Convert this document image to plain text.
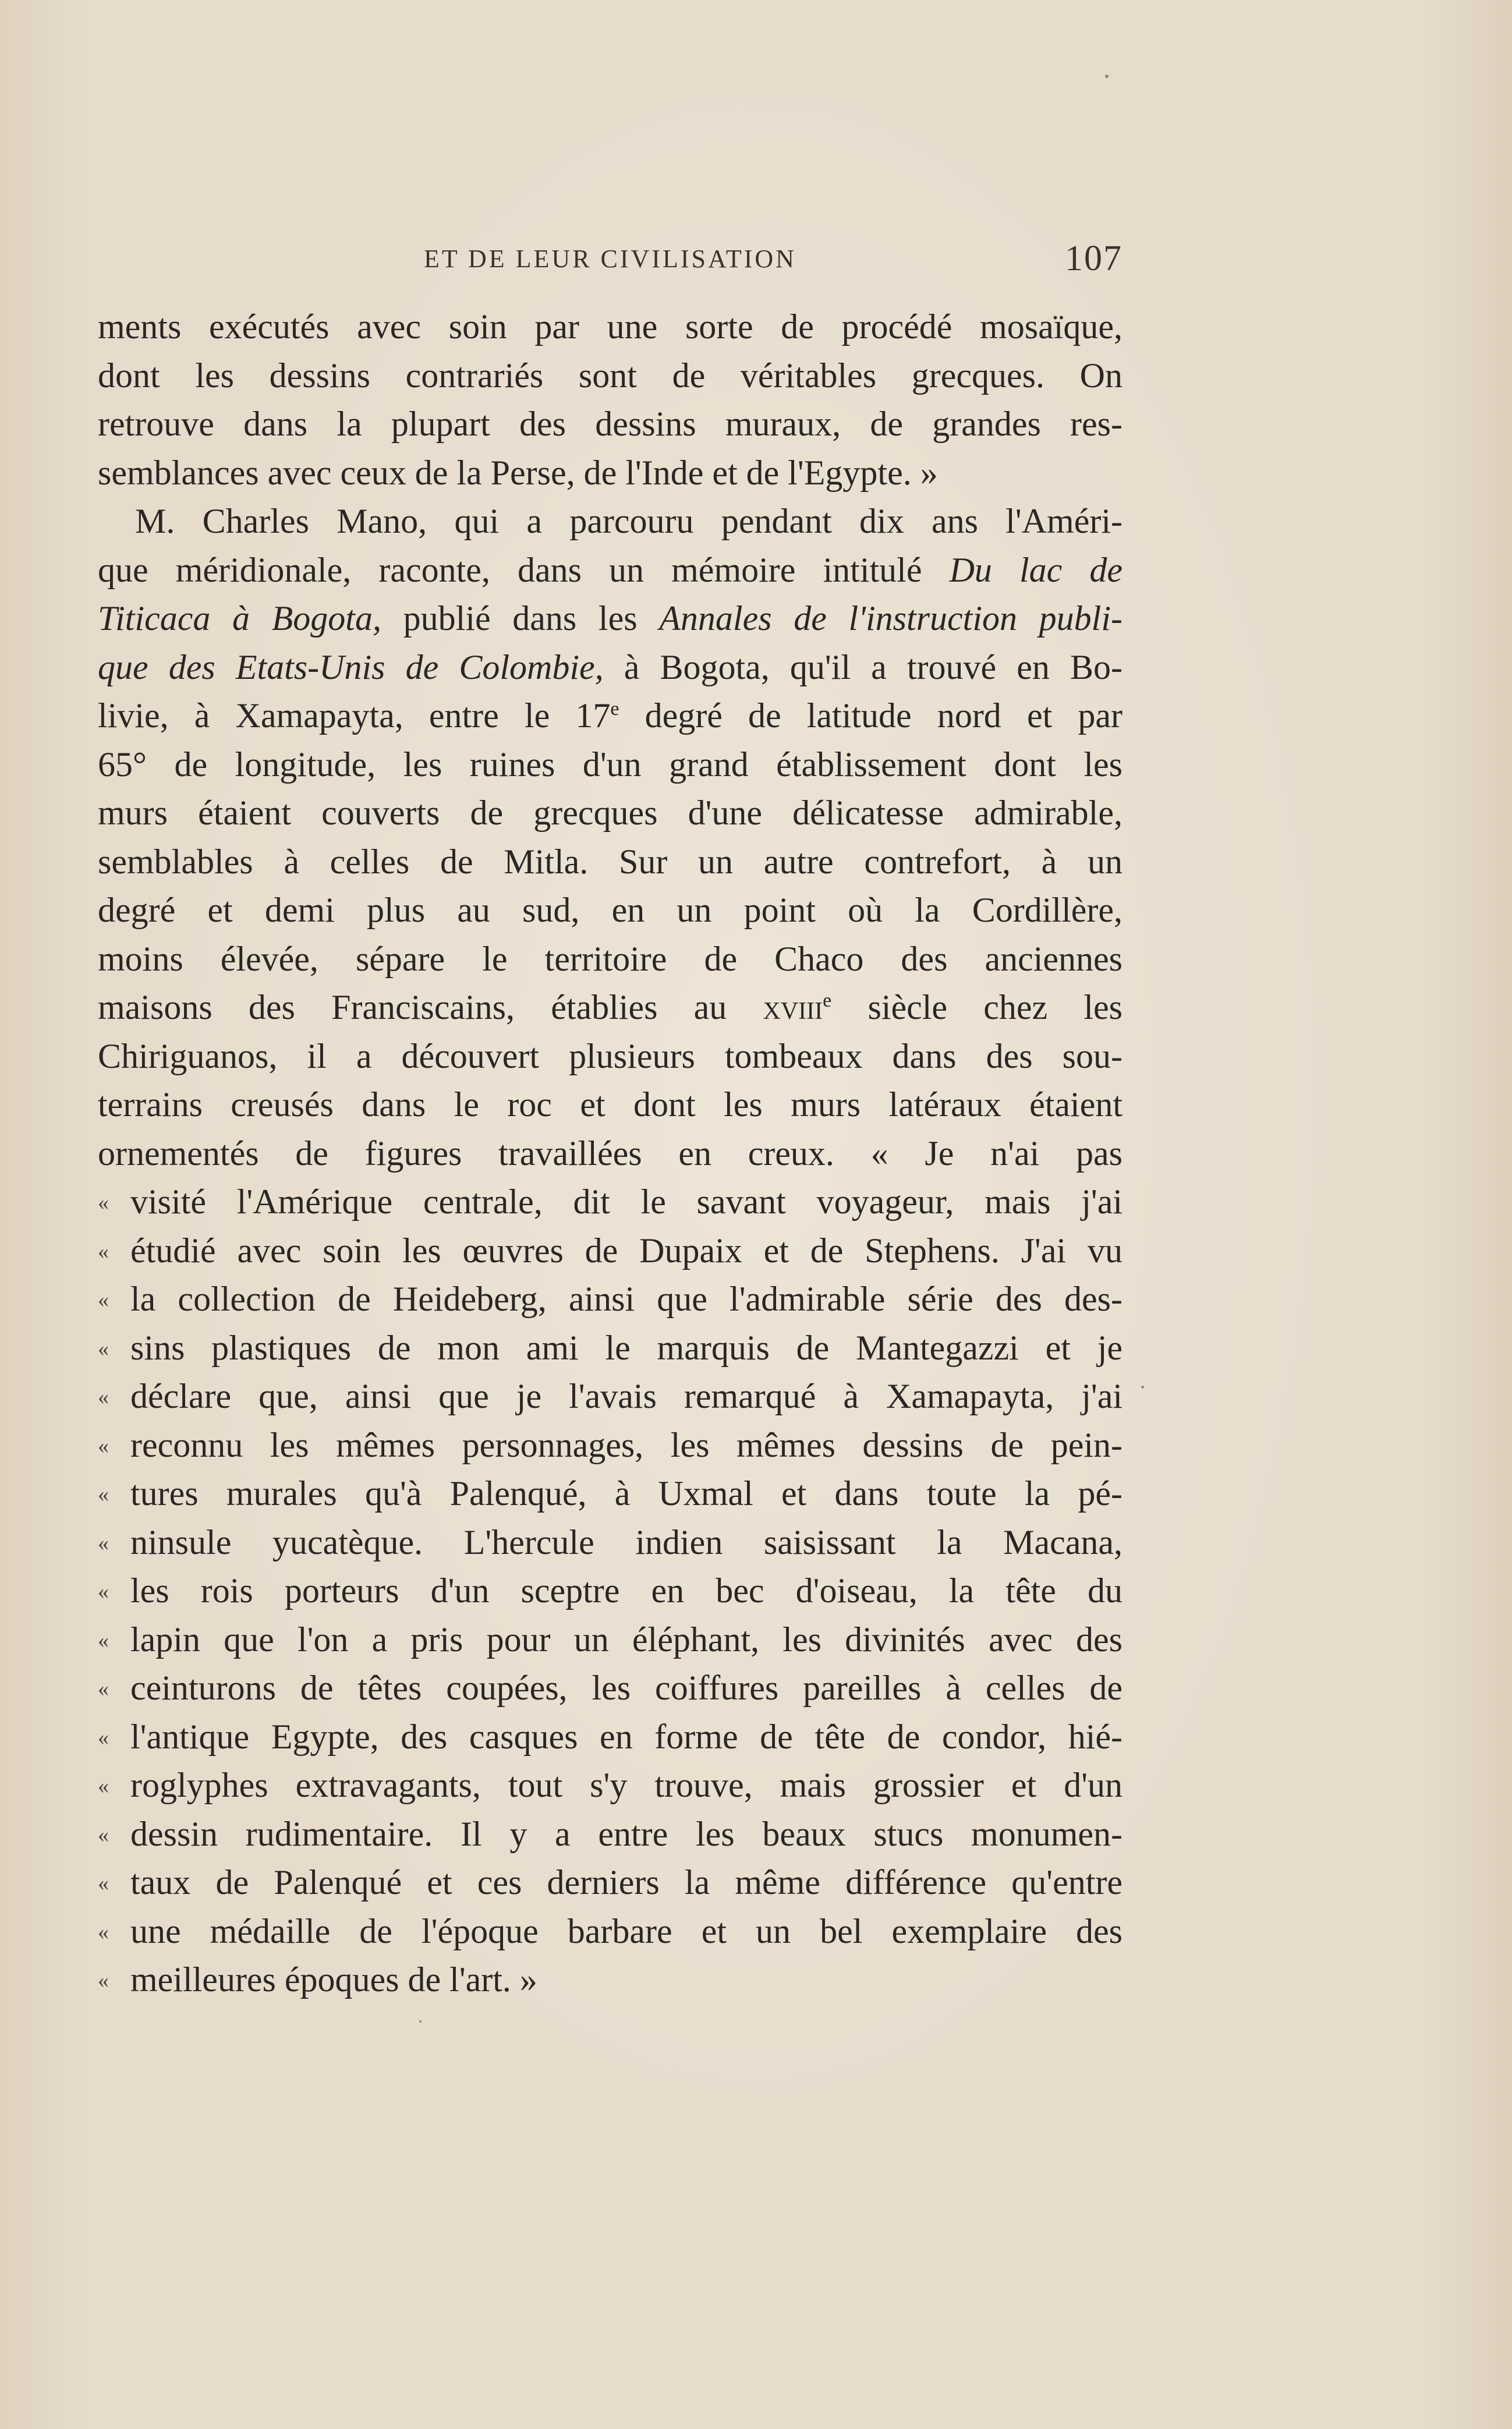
ET DE LEUR CIVILISATION	107
ments exécutés avec soin par une sorte de procédé mosaïque,
dont les dessins contrariés sont de véritables grecques. On
retrouve dans la plupart des dessins muraux, de grandes res-
semblances avec ceux de la Perse, de l'Inde et de l'Egypte. »
M. Charles Mano, qui a parcouru pendant dix ans l'Améri-
que méridionale, raconte, dans un mémoire intitulé Du lac de
Titicaca à Bogota, publié dans les Annales de l'instruction publi-
que des Etats-Unis de Colombie, à Bogota, qu'il a trouvé en Bo-
livie, à Xamapayta, entre le 17e degré de latitude nord et par
65° de longitude, les ruines d'un grand établissement dont les
murs étaient couverts de grecques d'une délicatesse admirable,
semblables à celles de Mitla. Sur un autre contrefort, à un
degré et demi plus au sud, en un point où la Cordillère,
moins élevée, sépare le territoire de Chaco des anciennes
maisons des Franciscains, établies au xviii$^e$ siècle chez les
Chiriguanos, il a découvert plusieurs tombeaux dans des sou-
terrains creusés dans le roc et dont les murs latéraux étaient
ornementés de figures travaillées en creux. « Je n'ai pas
« visité l'Amérique centrale, dit le savant voyageur, mais j'ai
« étudié avec soin les œuvres de Dupaix et de Stephens. J'ai vu
« la collection de Heideberg, ainsi que l'admirable série des des-
« sins plastiques de mon ami le marquis de Mantegazzi et je
« déclare que, ainsi que je l'avais remarqué à Xamapayta, j'ai
« reconnu les mêmes personnages, les mêmes dessins de pein-
« tures murales qu'à Palenqué, à Uxmal et dans toute la pé-
« ninsule yucatèque. L'hercule indien saisissant la Macana,
« les rois porteurs d'un sceptre en bec d'oiseau, la tête du
« lapin que l'on a pris pour un éléphant, les divinités avec des
« ceinturons de têtes coupées, les coiffures pareilles à celles de
« l'antique Egypte, des casques en forme de tête de condor, hié-
« roglyphes extravagants, tout s'y trouve, mais grossier et d'un
« dessin rudimentaire. Il y a entre les beaux stucs monumen-
« taux de Palenqué et ces derniers la même différence qu'entre
« une médaille de l'époque barbare et un bel exemplaire des
« meilleures époques de l'art. »
